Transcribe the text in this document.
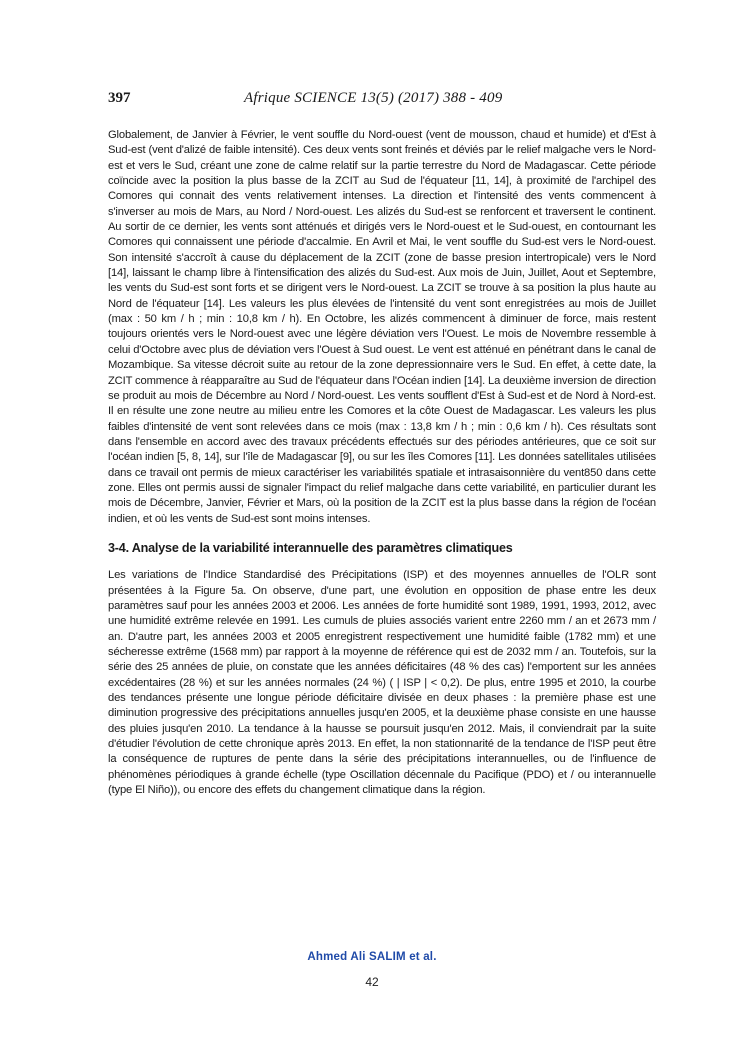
397	Afrique SCIENCE 13(5) (2017) 388 - 409

Globalement, de Janvier à Février, le vent souffle du Nord-ouest (vent de mousson, chaud et humide) et d'Est à Sud-est (vent d'alizé de faible intensité). Ces deux vents sont freinés et déviés par le relief malgache vers le Nord-est et vers le Sud, créant une zone de calme relatif sur la partie terrestre du Nord de Madagascar. Cette période coïncide avec la position la plus basse de la ZCIT au Sud de l'équateur [11, 14], à proximité de l'archipel des Comores qui connait des vents relativement intenses. La direction et l'intensité des vents commencent à s'inverser au mois de Mars, au Nord / Nord-ouest. Les alizés du Sud-est se renforcent et traversent le continent. Au sortir de ce dernier, les vents sont atténués et dirigés vers le Nord-ouest et le Sud-ouest, en contournant les Comores qui connaissent une période d'accalmie. En Avril et Mai, le vent souffle du Sud-est vers le Nord-ouest. Son intensité s'accroît à cause du déplacement de la ZCIT (zone de basse presion intertropicale) vers le Nord [14], laissant le champ libre à l'intensification des alizés du Sud-est. Aux mois de Juin, Juillet, Aout et Septembre, les vents du Sud-est sont forts et se dirigent vers le Nord-ouest. La ZCIT se trouve à sa position la plus haute au Nord de l'équateur [14]. Les valeurs les plus élevées de l'intensité du vent sont enregistrées au mois de Juillet (max : 50 km / h ; min : 10,8 km / h). En Octobre, les alizés commencent à diminuer de force, mais restent toujours orientés vers le Nord-ouest avec une légère déviation vers l'Ouest. Le mois de Novembre ressemble à celui d'Octobre avec plus de déviation vers l'Ouest à Sud ouest. Le vent est atténué en pénétrant dans le canal de Mozambique. Sa vitesse décroit suite au retour de la zone depressionnaire vers le Sud. En effet, à cette date, la ZCIT commence à réapparaître au Sud de l'équateur dans l'Océan indien [14]. La deuxième inversion de direction se produit au mois de Décembre au Nord / Nord-ouest. Les vents soufflent d'Est à Sud-est et de Nord à Nord-est. Il en résulte une zone neutre au milieu entre les Comores et la côte Ouest de Madagascar. Les valeurs les plus faibles d'intensité de vent sont relevées dans ce mois (max : 13,8 km / h ; min : 0,6 km / h). Ces résultats sont dans l'ensemble en accord avec des travaux précédents effectués sur des périodes antérieures, que ce soit sur l'océan indien [5, 8, 14], sur l'île de Madagascar [9], ou sur les îles Comores [11]. Les données satellitales utilisées dans ce travail ont permis de mieux caractériser les variabilités spatiale et intrasaisonnière du vent850 dans cette zone. Elles ont permis aussi de signaler l'impact du relief malgache dans cette variabilité, en particulier durant les mois de Décembre, Janvier, Février et Mars, où la position de la ZCIT est la plus basse dans la région de l'océan indien, et où les vents de Sud-est sont moins intenses.

3-4. Analyse de la variabilité interannuelle des paramètres climatiques

Les variations de l'Indice Standardisé des Précipitations (ISP) et des moyennes annuelles de l'OLR sont présentées à la Figure 5a. On observe, d'une part, une évolution en opposition de phase entre les deux paramètres sauf pour les années 2003 et 2006. Les années de forte humidité sont 1989, 1991, 1993, 2012, avec une humidité extrême relevée en 1991. Les cumuls de pluies associés varient entre 2260 mm / an et 2673 mm / an. D'autre part, les années 2003 et 2005 enregistrent respectivement une humidité faible (1782 mm) et une sécheresse extrême (1568 mm) par rapport à la moyenne de référence qui est de 2032 mm / an. Toutefois, sur la série des 25 années de pluie, on constate que les années déficitaires (48 % des cas) l'emportent sur les années excédentaires (28 %) et sur les années normales (24 %) ( | ISP | < 0,2). De plus, entre 1995 et 2010, la courbe des tendances présente une longue période déficitaire divisée en deux phases : la première phase est une diminution progressive des précipitations annuelles jusqu'en 2005, et la deuxième phase consiste en une hausse des pluies jusqu'en 2010. La tendance à la hausse se poursuit jusqu'en 2012. Mais, il conviendrait par la suite d'étudier l'évolution de cette chronique après 2013. En effet, la non stationnarité de la tendance de l'ISP peut être la conséquence de ruptures de pente dans la série des précipitations interannuelles, ou de l'influence de phénomènes périodiques à grande échelle (type Oscillation décennale du Pacifique (PDO) et / ou interannuelle (type El Niño)), ou encore des effets du changement climatique dans la région.

Ahmed Ali SALIM et al.
42
